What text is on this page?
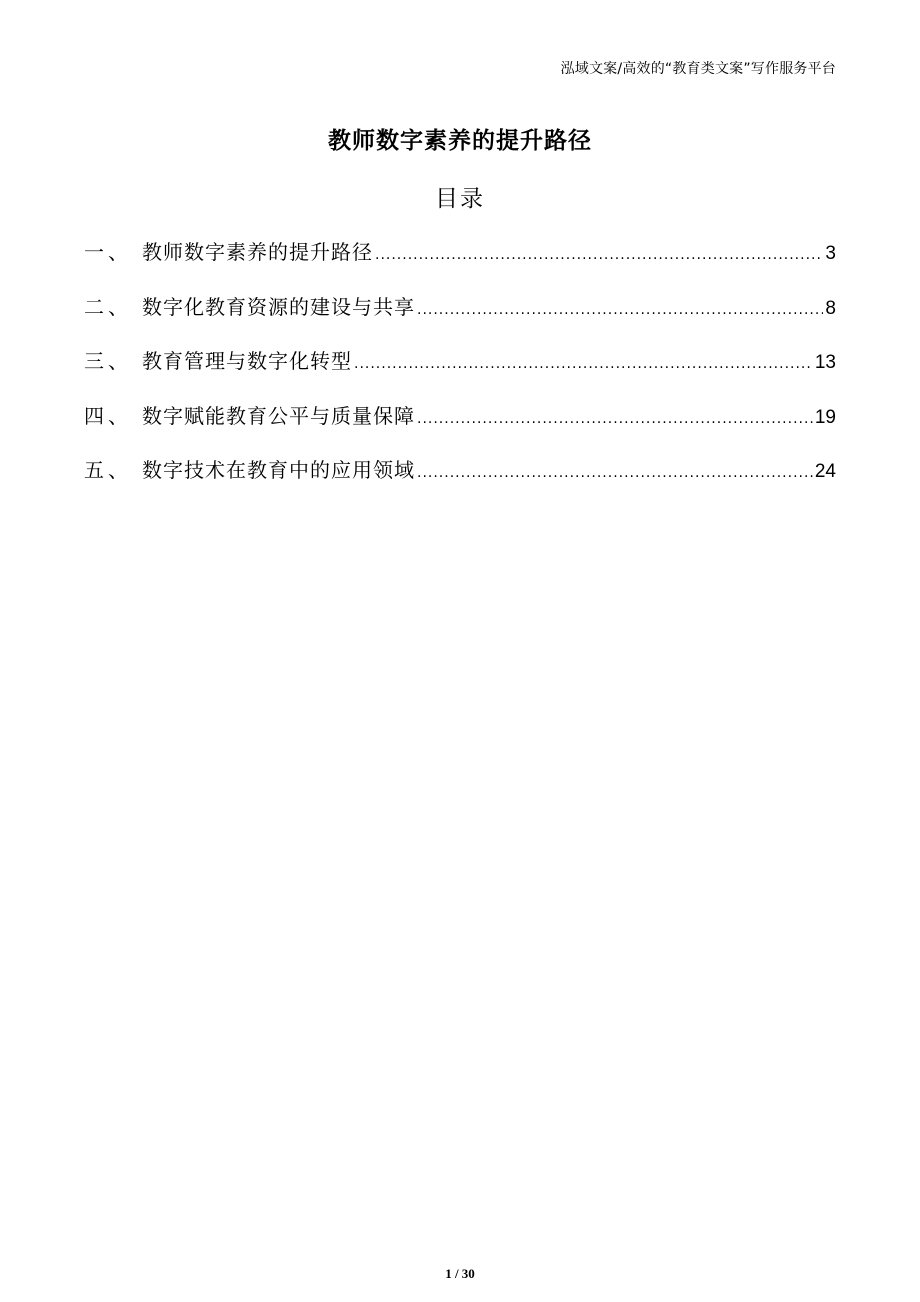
泓域文案/高效的“教育类文案”写作服务平台
教师数字素养的提升路径
目录
一、 教师数字素养的提升路径 .....	3
二、 数字化教育资源的建设与共享 .....	8
三、 教育管理与数字化转型 .....	13
四、 数字赋能教育公平与质量保障 .....	19
五、 数字技术在教育中的应用领域 .....	24
1 / 30
